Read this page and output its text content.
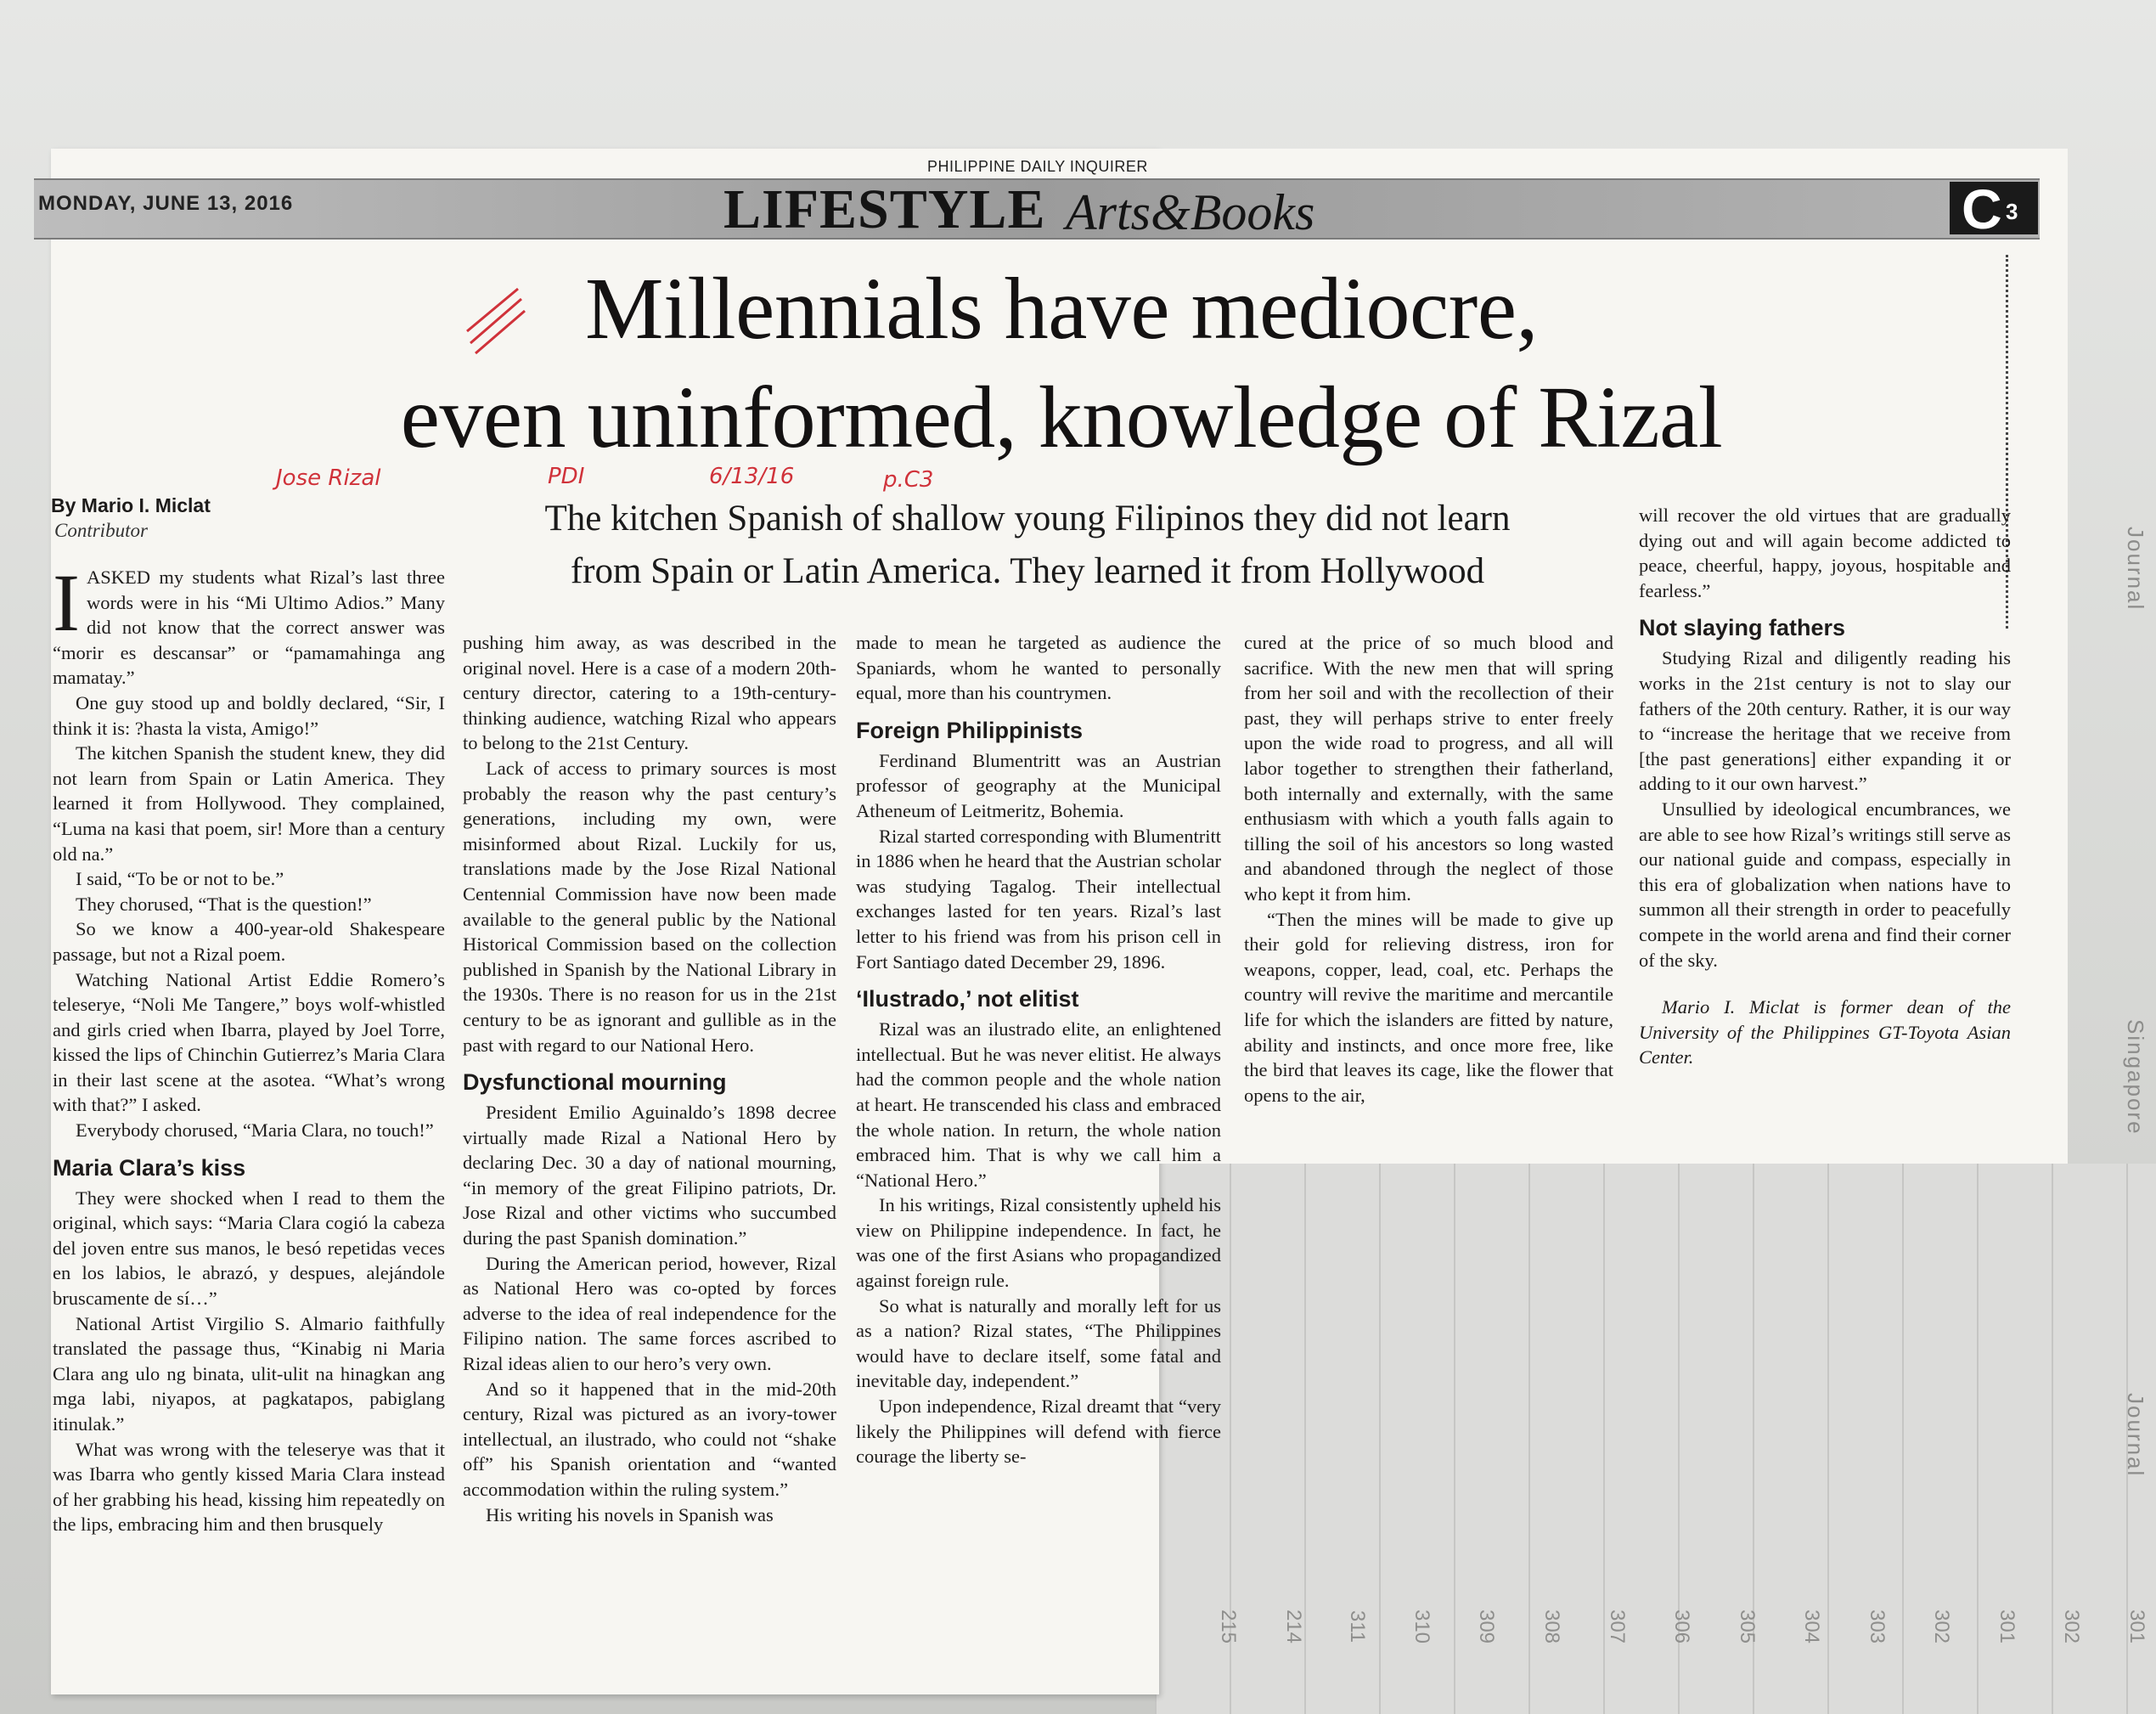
215	214	311	310	309	308	307	306	305	304	303	302	301	302	301
Journal
Singapore
Journal
MONDAY, JUNE 13, 2016
PHILIPPINE DAILY INQUIRER
LIFESTYLE Arts&Books	C 3
Millennials have mediocre,
even uninformed, knowledge of Rizal
Jose Rizal	PDI	6/13/16	p.C3
The kitchen Spanish of shallow young Filipinos they did not learn
from Spain or Latin America. They learned it from Hollywood
By Mario I. Miclat
Contributor

IASKED my students what Rizal’s last three words were in his “Mi Ultimo Adios.” Many did not know that the correct answer was “morir es descansar” or “pamamahinga ang mamatay.”

One guy stood up and boldly declared, “Sir, I think it is: ?hasta la vista, Amigo!”

The kitchen Spanish the student knew, they did not learn from Spain or Latin America. They learned it from Hollywood. They complained, “Luma na kasi that poem, sir! More than a century old na.”

I said, “To be or not to be.”

They chorused, “That is the question!”

So we know a 400-year-old Shakespeare passage, but not a Rizal poem.

Watching National Artist Eddie Romero’s teleserye, “Noli Me Tangere,” boys wolf-whistled and girls cried when Ibarra, played by Joel Torre, kissed the lips of Chinchin Gutierrez’s Maria Clara in their last scene at the asotea. “What’s wrong with that?” I asked.

Everybody chorused, “Maria Clara, no touch!”

Maria Clara’s kiss

They were shocked when I read to them the original, which says: “Maria Clara cogió la cabeza del joven entre sus manos, le besó repetidas veces en los labios, le abrazó, y despues, alejándole bruscamente de sí…”

National Artist Virgilio S. Almario faithfully translated the passage thus, “Kinabig ni Maria Clara ang ulo ng binata, ulit-ulit na hinagkan ang mga labi, niyapos, at pagkatapos, pabiglang itinulak.”

What was wrong with the teleserye was that it was Ibarra who gently kissed Maria Clara instead of her grabbing his head, kissing him repeatedly on the lips, embracing him and then brusquely

pushing him away, as was described in the original novel. Here is a case of a modern 20th-century director, catering to a 19th-century-thinking audience, watching Rizal who appears to belong to the 21st Century.

Lack of access to primary sources is most probably the reason why the past century’s generations, including my own, were misinformed about Rizal. Luckily for us, translations made by the Jose Rizal National Centennial Commission have now been made available to the general public by the National Historical Commission based on the collection published in Spanish by the National Library in the 1930s. There is no reason for us in the 21st century to be as ignorant and gullible as in the past with regard to our National Hero.

Dysfunctional mourning

President Emilio Aguinaldo’s 1898 decree virtually made Rizal a National Hero by declaring Dec. 30 a day of national mourning, “in memory of the great Filipino patriots, Dr. Jose Rizal and other victims who succumbed during the past Spanish domination.”

During the American period, however, Rizal as National Hero was co-opted by forces adverse to the idea of real independence for the Filipino nation. The same forces ascribed to Rizal ideas alien to our hero’s very own.

And so it happened that in the mid-20th century, Rizal was pictured as an ivory-tower intellectual, an ilustrado, who could not “shake off” his Spanish orientation and “wanted accommodation within the ruling system.”

His writing his novels in Spanish was

made to mean he targeted as audience the Spaniards, whom he wanted to personally equal, more than his countrymen.

Foreign Philippinists

Ferdinand Blumentritt was an Austrian professor of geography at the Municipal Atheneum of Leitmeritz, Bohemia.

Rizal started corresponding with Blumentritt in 1886 when he heard that the Austrian scholar was studying Tagalog. Their intellectual exchanges lasted for ten years. Rizal’s last letter to his friend was from his prison cell in Fort Santiago dated December 29, 1896.

‘Ilustrado,’ not elitist

Rizal was an ilustrado elite, an enlightened intellectual. But he was never elitist. He always had the common people and the whole nation at heart. He transcended his class and embraced the whole nation. In return, the whole nation embraced him. That is why we call him a “National Hero.”

In his writings, Rizal consistently upheld his view on Philippine independence. In fact, he was one of the first Asians who propagandized against foreign rule.

So what is naturally and morally left for us as a nation? Rizal states, “The Philippines would have to declare itself, some fatal and inevitable day, independent.”

Upon independence, Rizal dreamt that “very likely the Philippines will defend with fierce courage the liberty se-

cured at the price of so much blood and sacrifice. With the new men that will spring from her soil and with the recollection of their past, they will perhaps strive to enter freely upon the wide road to progress, and all will labor together to strengthen their fatherland, both internally and externally, with the same enthusiasm with which a youth falls again to tilling the soil of his ancestors so long wasted and abandoned through the neglect of those who kept it from him.

“Then the mines will be made to give up their gold for relieving distress, iron for weapons, copper, lead, coal, etc. Perhaps the country will revive the maritime and mercantile life for which the islanders are fitted by nature, ability and instincts, and once more free, like the bird that leaves its cage, like the flower that opens to the air,

will recover the old virtues that are gradually dying out and will again become addicted to peace, cheerful, happy, joyous, hospitable and fearless.”

Not slaying fathers

Studying Rizal and diligently reading his works in the 21st century is not to slay our fathers of the 20th century. Rather, it is our way to “increase the heritage that we receive from [the past generations] either expanding it or adding to it our own harvest.”

Unsullied by ideological encumbrances, we are able to see how Rizal’s writings still serve as our national guide and compass, especially in this era of globalization when nations have to summon all their strength in order to peacefully compete in the world arena and find their corner of the sky.

Mario I. Miclat is former dean of the University of the Philippines GT-Toyota Asian Center.
